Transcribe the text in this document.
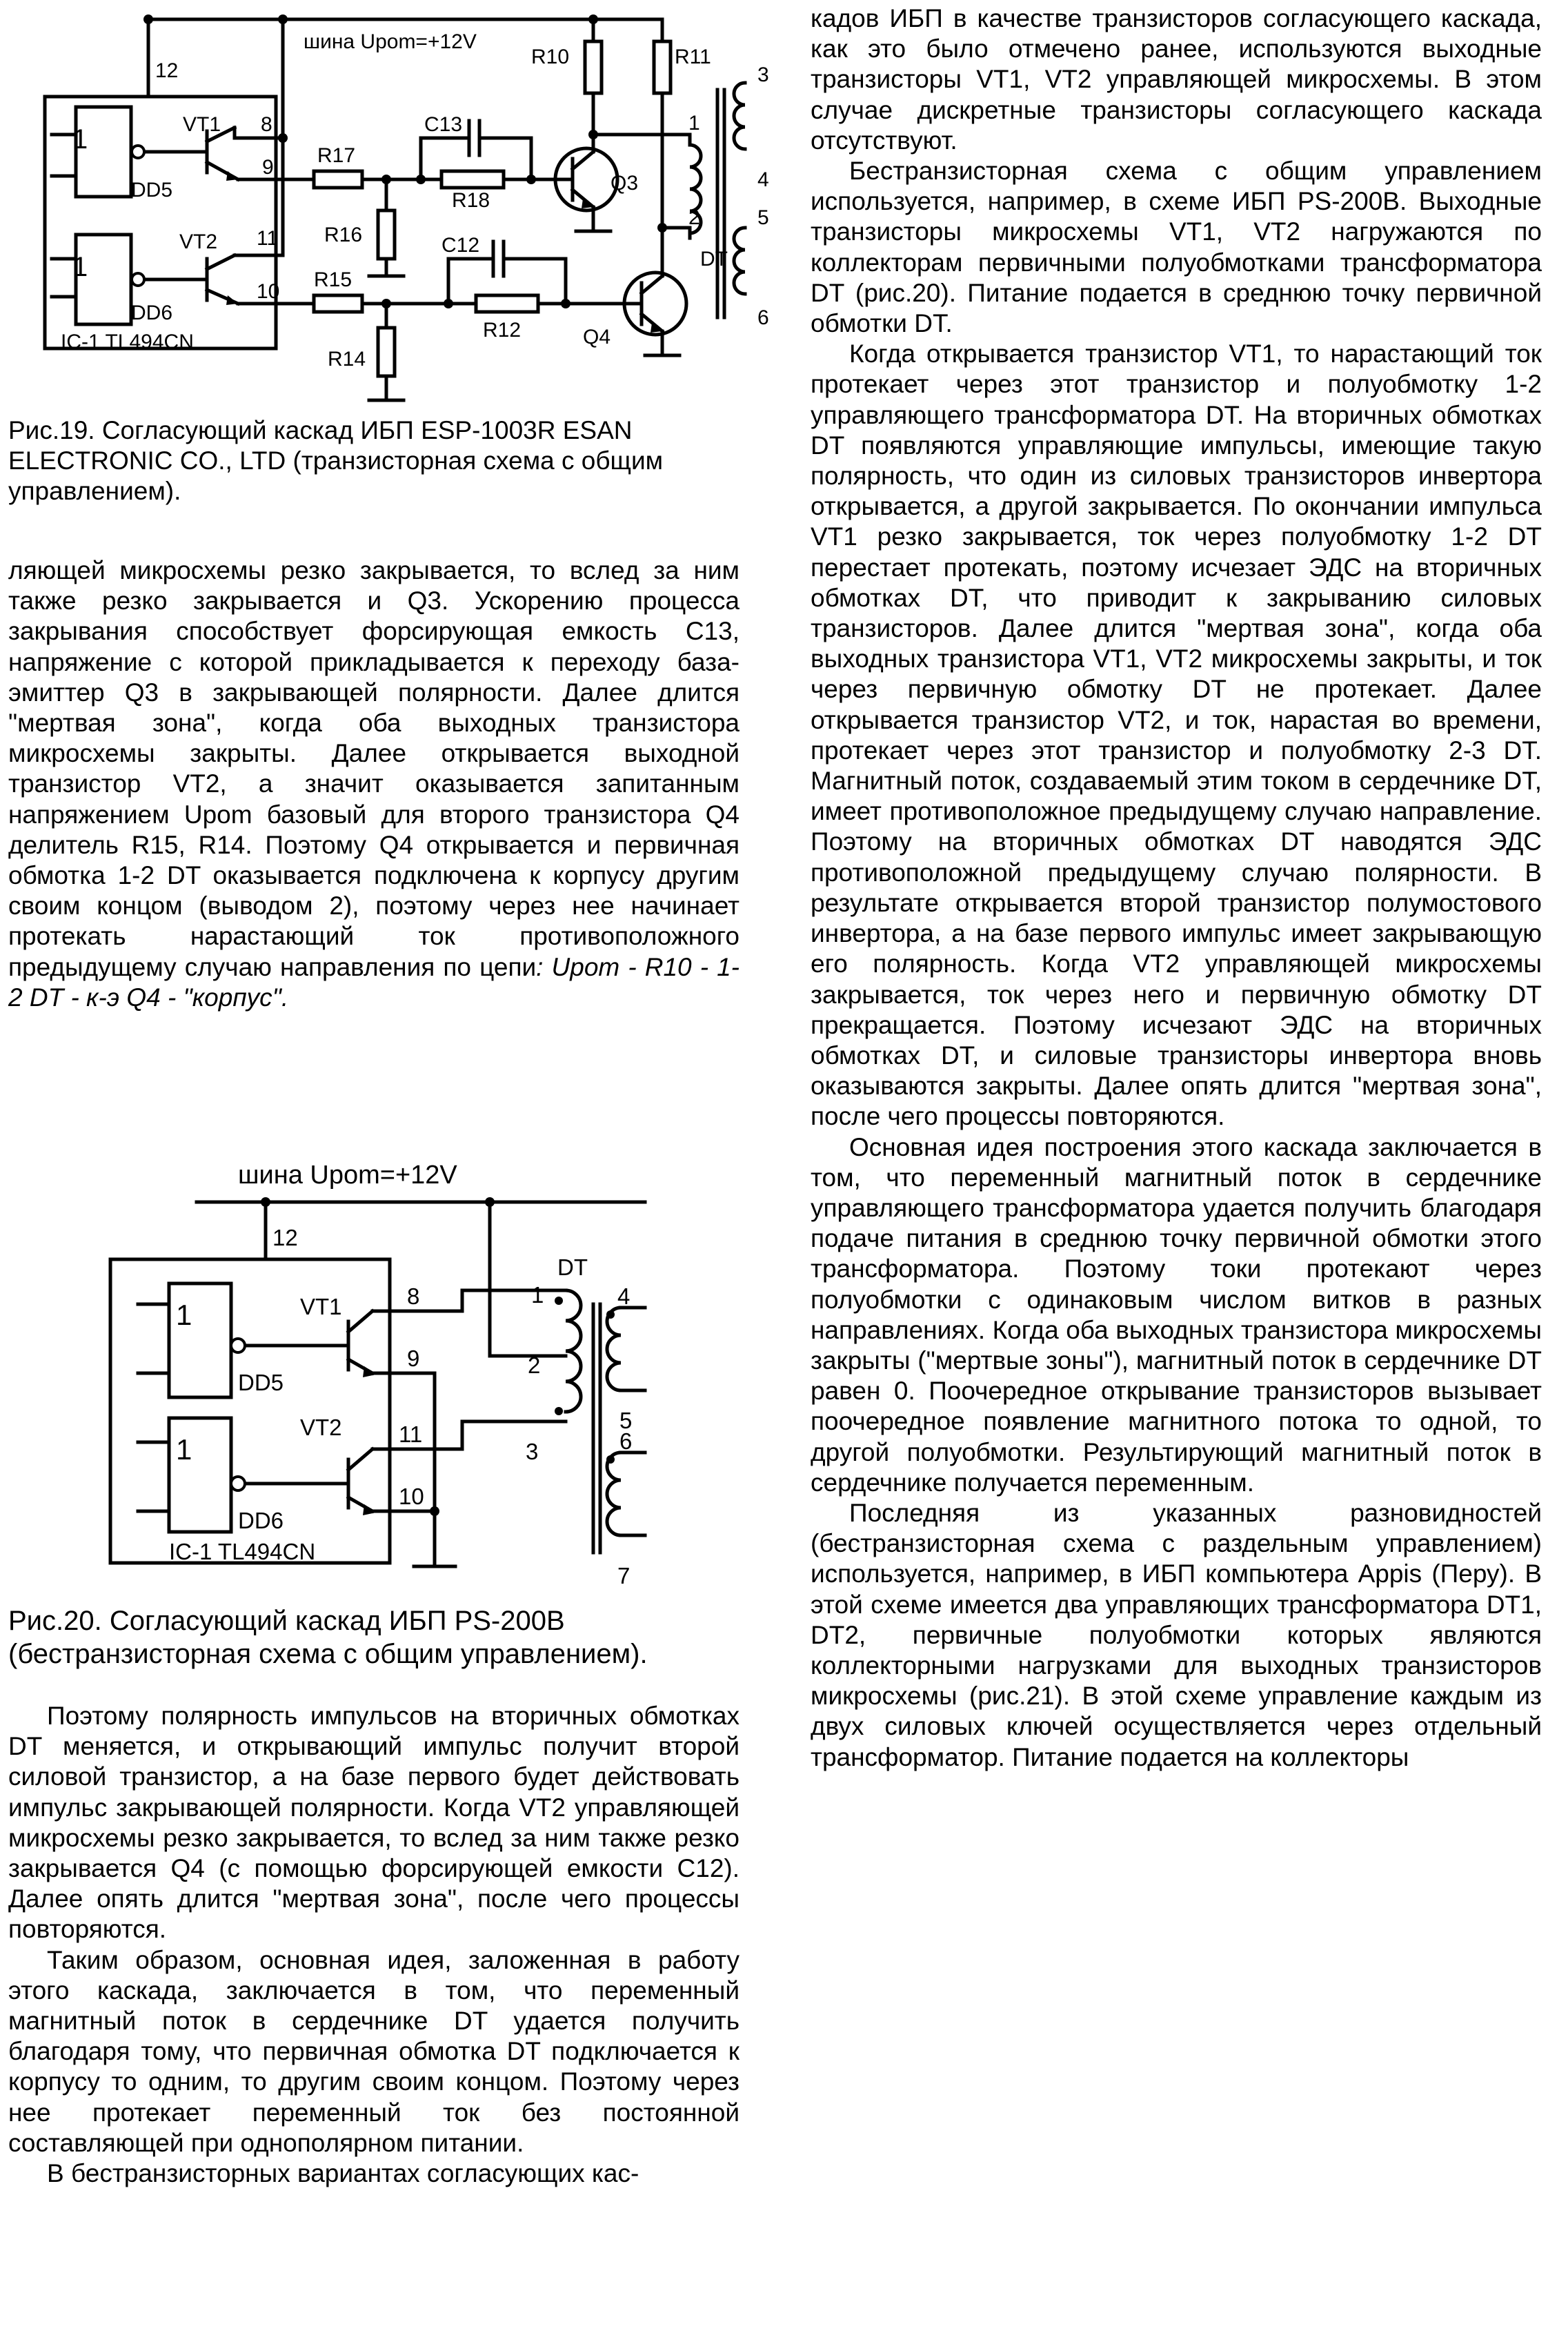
шина Upom=+12V
1
1
DD5
DD6
IC-1 TL494CN
VT1
VT2
12
8
9
11
10
R17
R16
R15
R14
R18
C13
C12
R12
R10	R11
Q3
Q4
DT
1
2
3
4
5
6

Рис.19. Согласующий каскад ИБП ESP-1003R ESAN ELECTRONIC CO., LTD (транзисторная схема с общим управлением).

ляющей микросхемы резко закрывается, то вслед за ним также резко закрывается и Q3. Ускорению процесса закрывания способствует форсирующая емкость C13, напряжение с которой прикладывается к переходу база-эмиттер Q3 в закрывающей полярности. Далее длится "мертвая зона", когда оба выходных транзистора микросхемы закрыты. Далее открывается выходной транзистор VT2, а значит оказывается запитанным напряжением Upom базовый для второго транзистора Q4 делитель R15, R14. Поэтому Q4 открывается и первичная обмотка 1-2 DT оказывается подключена к корпусу другим своим концом (выводом 2), поэтому через нее начинает протекать нарастающий ток противоположного предыдущему случаю направления по цепи: Upom - R10 - 1-2 DT - к-э Q4 - "корпус".

шина Upom=+12V
12
1
1
DD5
DD6
IC-1 TL494CN
VT1
VT2
8
9
11
10
DT
1
2
3
4
5
6
7
Рис.20. Согласующий каскад ИБП PS-200B
(бестранзисторная схема с общим управлением).

Поэтому полярность импульсов на вторичных обмотках DT меняется, и открывающий импульс получит второй силовой транзистор, а на базе первого будет действовать импульс закрывающей полярности. Когда VT2 управляющей микросхемы резко закрывается, то вслед за ним также резко закрывается Q4 (с помощью форсирующей емкости C12). Далее опять длится "мертвая зона", после чего процессы повторяются.

Таким образом, основная идея, заложенная в работу этого каскада, заключается в том, что переменный магнитный поток в сердечнике DT удается получить благодаря тому, что первичная обмотка DT подключается к корпусу то одним, то другим своим концом. Поэтому через нее протекает переменный ток без постоянной составляющей при однополярном питании.

В бестранзисторных вариантах согласующих кас-

кадов ИБП в качестве транзисторов согласующего каскада, как это было отмечено ранее, используются выходные транзисторы VT1, VT2 управляющей микросхемы. В этом случае дискретные транзисторы согласующего каскада отсутствуют.

Бестранзисторная схема с общим управлением используется, например, в схеме ИБП PS-200B. Выходные транзисторы микросхемы VT1, VT2 нагружаются по коллекторам первичными полуобмотками трансформатора DT (рис.20). Питание подается в среднюю точку первичной обмотки DT.

Когда открывается транзистор VT1, то нарастающий ток протекает через этот транзистор и полуобмотку 1-2 управляющего трансформатора DT. На вторичных обмотках DT появляются управляющие импульсы, имеющие такую полярность, что один из силовых транзисторов инвертора открывается, а другой закрывается. По окончании импульса VT1 резко закрывается, ток через полуобмотку 1-2 DT перестает протекать, поэтому исчезает ЭДС на вторичных обмотках DT, что приводит к закрыванию силовых транзисторов. Далее длится "мертвая зона", когда оба выходных транзистора VT1, VT2 микросхемы закрыты, и ток через первичную обмотку DT не протекает. Далее открывается транзистор VT2, и ток, нарастая во времени, протекает через этот транзистор и полуобмотку 2-3 DT. Магнитный поток, создаваемый этим током в сердечнике DT, имеет противоположное предыдущему случаю направление. Поэтому на вторичных обмотках DT наводятся ЭДС противоположной предыдущему случаю полярности. В результате открывается второй транзистор полумостового инвертора, а на базе первого импульс имеет закрывающую его полярность. Когда VT2 управляющей микросхемы закрывается, ток через него и первичную обмотку DT прекращается. Поэтому исчезают ЭДС на вторичных обмотках DT, и силовые транзисторы инвертора вновь оказываются закрыты. Далее опять длится "мертвая зона", после чего процессы повторяются.

Основная идея построения этого каскада заключается в том, что переменный магнитный поток в сердечнике управляющего трансформатора удается получить благодаря подаче питания в среднюю точку первичной обмотки этого трансформатора. Поэтому токи протекают через полуобмотки с одинаковым числом витков в разных направлениях. Когда оба выходных транзистора микросхемы закрыты ("мертвые зоны"), магнитный поток в сердечнике DT равен 0. Поочередное открывание транзисторов вызывает поочередное появление магнитного потока то одной, то другой полуобмотки. Результирующий магнитный поток в сердечнике получается переменным.

Последняя из указанных разновидностей (бестранзисторная схема с раздельным управлением) используется, например, в ИБП компьютера Appis (Перу). В этой схеме имеется два управляющих трансформатора DT1, DT2, первичные полуобмотки которых являются коллекторными нагрузками для выходных транзисторов микросхемы (рис.21). В этой схеме управление каждым из двух силовых ключей осуществляется через отдельный трансформатор. Питание подается на коллекторы
